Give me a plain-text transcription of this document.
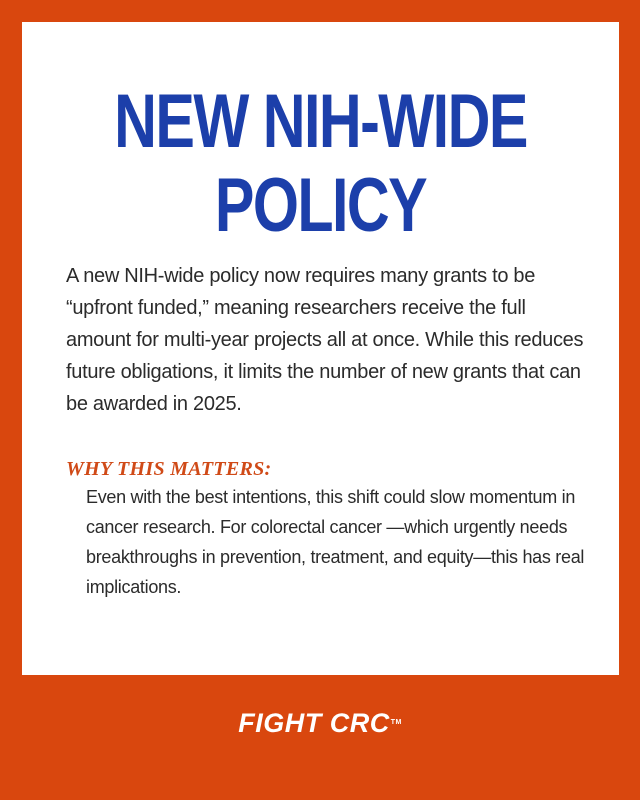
NEW NIH-WIDE POLICY

A new NIH-wide policy now requires many grants to be “upfront funded,” meaning researchers receive the full amount for multi-year projects all at once. While this reduces future obligations, it limits the number of new grants that can be awarded in 2025.

WHY THIS MATTERS:

Even with the best intentions, this shift could slow momentum in cancer research. For colorectal cancer —which urgently needs breakthroughs in prevention, treatment, and equity—this has real implications.

FIGHT CRC™
